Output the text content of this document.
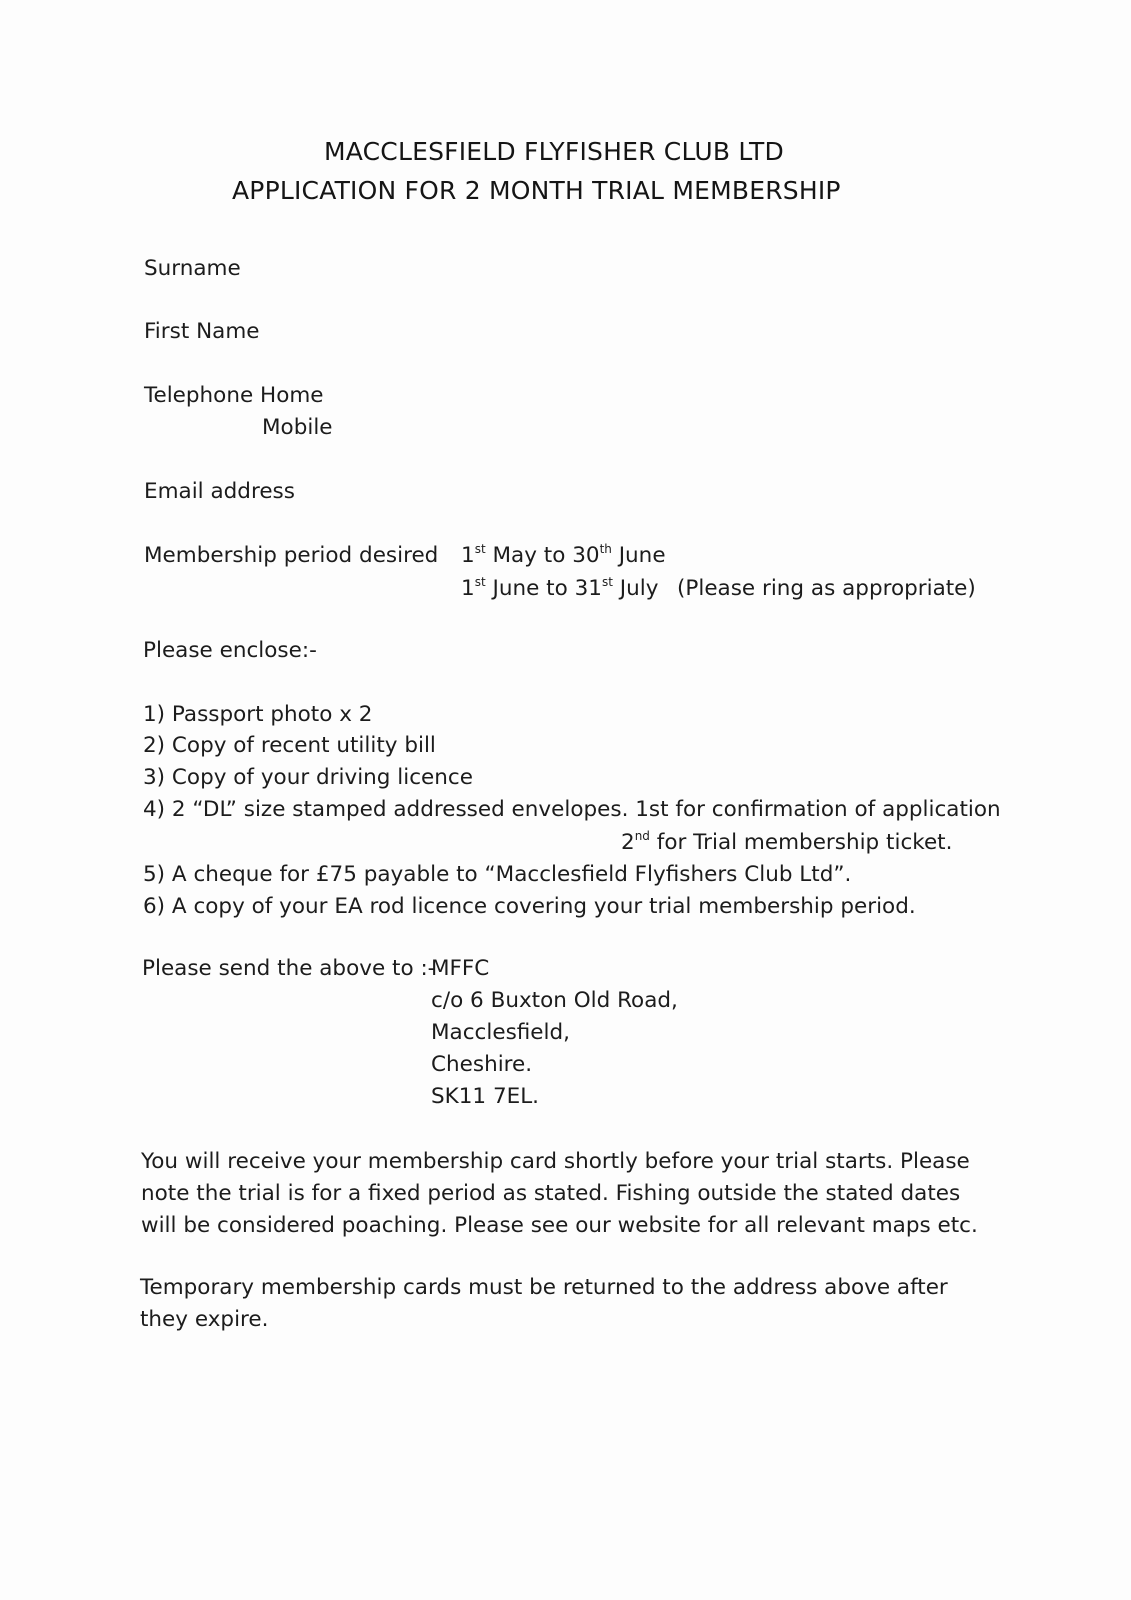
MACCLESFIELD FLYFISHER CLUB LTD
APPLICATION FOR 2 MONTH TRIAL MEMBERSHIP
Surname
First Name
Telephone Home
Mobile
Email address
Membership period desired 1st May to 30th June
1st June to 31st July (Please ring as appropriate)
Please enclose:-
1) Passport photo x 2
2) Copy of recent utility bill
3) Copy of your driving licence
4) 2 “DL” size stamped addressed envelopes. 1st for confirmation of application
2nd for Trial membership ticket.
5) A cheque for £75 payable to “Macclesfield Flyfishers Club Ltd”.
6) A copy of your EA rod licence covering your trial membership period.
Please send the above to :-
MFFC
c/o 6 Buxton Old Road,
Macclesfield,
Cheshire.
SK11 7EL.
You will receive your membership card shortly before your trial starts. Please note the trial is for a fixed period as stated. Fishing outside the stated dates will be considered poaching. Please see our website for all relevant maps etc.
Temporary membership cards must be returned to the address above after they expire.
